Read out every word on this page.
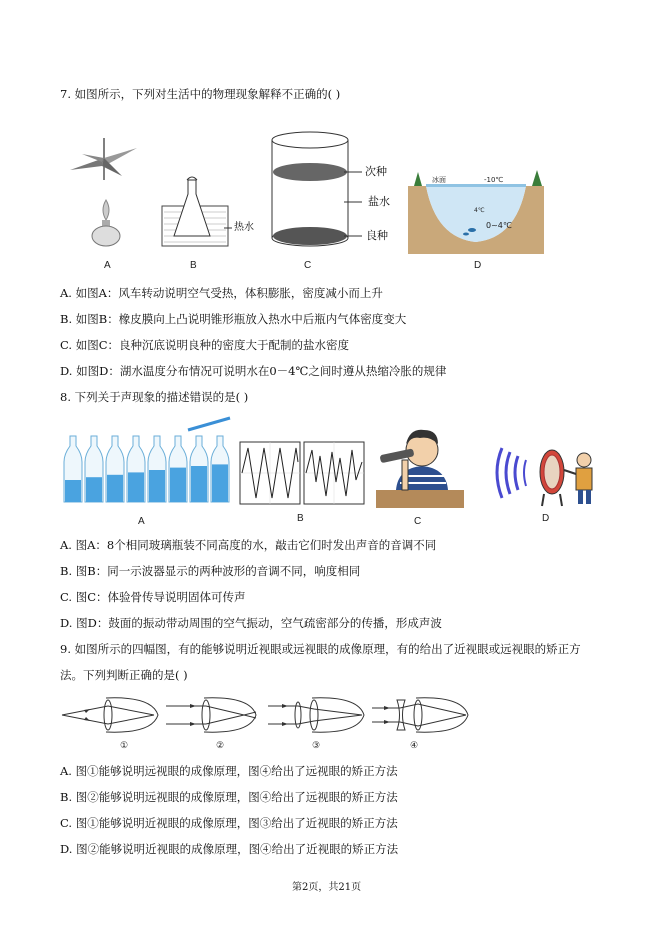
7. 如图所示，下列对生活中的物理现象解释不正确的( )
A
热水
B
次种
盐水
良种
C
冰面	-10℃
4℃
0~4℃
D
A. 如图A：风车转动说明空气受热，体积膨胀，密度减小而上升
B. 如图B：橡皮膜向上凸说明锥形瓶放入热水中后瓶内气体密度变大
C. 如图C：良种沉底说明良种的密度大于配制的盐水密度
D. 如图D：湖水温度分布情况可说明水在0－4℃之间时遵从热缩冷胀的规律
8. 下列关于声现象的描述错误的是( )
A	B	C	D
A. 图A：8个相同玻璃瓶装不同高度的水，敲击它们时发出声音的音调不同
B. 图B：同一示波器显示的两种波形的音调不同，响度相同
C. 图C：体验骨传导说明固体可传声
D. 图D：鼓面的振动带动周围的空气振动，空气疏密部分的传播，形成声波
9. 如图所示的四幅图，有的能够说明近视眼或远视眼的成像原理，有的给出了近视眼或远视眼的矫正方
法。下列判断正确的是( )
①	②	③	④
A. 图①能够说明远视眼的成像原理，图④给出了远视眼的矫正方法
B. 图②能够说明远视眼的成像原理，图④给出了远视眼的矫正方法
C. 图①能够说明近视眼的成像原理，图③给出了近视眼的矫正方法
D. 图②能够说明近视眼的成像原理，图④给出了近视眼的矫正方法
第2页，共21页
